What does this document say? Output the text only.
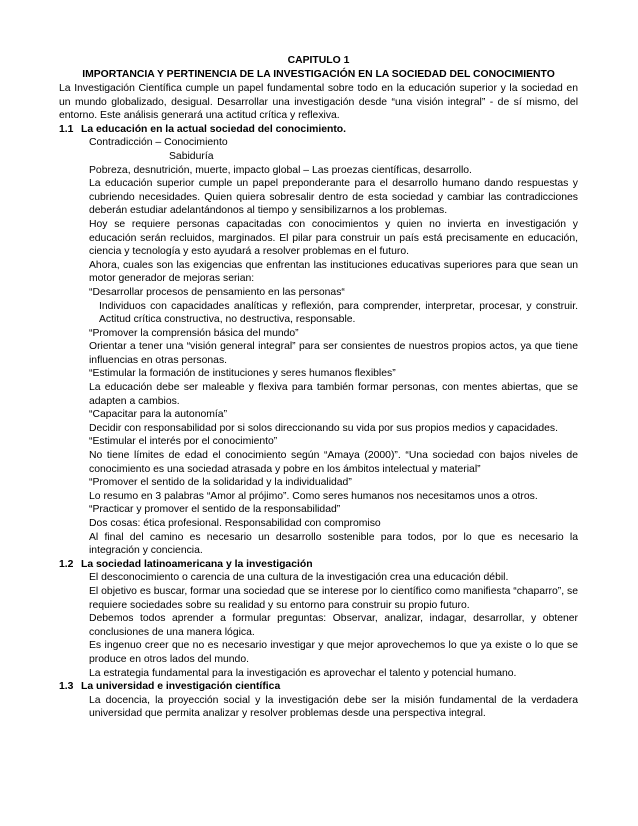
CAPITULO 1
IMPORTANCIA Y PERTINENCIA DE LA INVESTIGACIÓN EN LA SOCIEDAD DEL CONOCIMIENTO

La Investigación Científica cumple un papel fundamental sobre todo en la educación superior y la sociedad en un mundo globalizado, desigual. Desarrollar una investigación desde “una visión integral” - de sí mismo, del entorno. Este análisis generará una actitud crítica y reflexiva.

1.1 La educación en la actual sociedad del conocimiento.
Contradicción – Conocimiento
Sabiduría
Pobreza, desnutrición, muerte, impacto global – Las proezas científicas, desarrollo.

La educación superior cumple un papel preponderante para el desarrollo humano dando respuestas y cubriendo necesidades. Quien quiera sobresalir dentro de esta sociedad y cambiar las contradicciones deberán estudiar adelantándonos al tiempo y sensibilizarnos a los problemas.

Hoy se requiere personas capacitadas con conocimientos y quien no invierta en investigación y educación serán recluidos, marginados. El pilar para construir un país está precisamente en educación, ciencia y tecnología y esto ayudará a resolver problemas en el futuro.

Ahora, cuales son las exigencias que enfrentan las instituciones educativas superiores para que sean un motor generador de mejoras serian:

“Desarrollar procesos de pensamiento en las personas“

Individuos con capacidades analíticas y reflexión, para comprender, interpretar, procesar, y construir. Actitud crítica constructiva, no destructiva, responsable.

“Promover la comprensión básica del mundo”

Orientar a tener una “visión general integral” para ser consientes de nuestros propios actos, ya que tiene influencias en otras personas.

“Estimular la formación de instituciones y seres humanos flexibles”

La educación debe ser maleable y flexiva para también formar personas, con mentes abiertas, que se adapten a cambios.

“Capacitar para la autonomía”

Decidir con responsabilidad por si solos direccionando su vida por sus propios medios y capacidades.

“Estimular el interés por el conocimiento”

No tiene límites de edad el conocimiento según “Amaya (2000)”. “Una sociedad con bajos niveles de conocimiento es una sociedad atrasada y pobre en los ámbitos intelectual y material”

“Promover el sentido de la solidaridad y la individualidad”

Lo resumo en 3 palabras “Amor al prójimo”. Como seres humanos nos necesitamos unos a otros.

“Practicar y promover el sentido de la responsabilidad”

Dos cosas: ética profesional. Responsabilidad con compromiso

Al final del camino es necesario un desarrollo sostenible para todos, por lo que es necesario la integración y conciencia.

1.2 La sociedad latinoamericana y la investigación

El desconocimiento o carencia de una cultura de la investigación crea una educación débil.

El objetivo es buscar, formar una sociedad que se interese por lo científico como manifiesta “chaparro”, se requiere sociedades sobre su realidad y su entorno para construir su propio futuro.

Debemos todos aprender a formular preguntas: Observar, analizar, indagar, desarrollar, y obtener conclusiones de una manera lógica.

Es ingenuo creer que no es necesario investigar y que mejor aprovechemos lo que ya existe o lo que se produce en otros lados del mundo.

La estrategia fundamental para la investigación es aprovechar el talento y potencial humano.

1.3 La universidad e investigación científica

La docencia, la proyección social y la investigación debe ser la misión fundamental de la verdadera universidad que permita analizar y resolver problemas desde una perspectiva integral.
